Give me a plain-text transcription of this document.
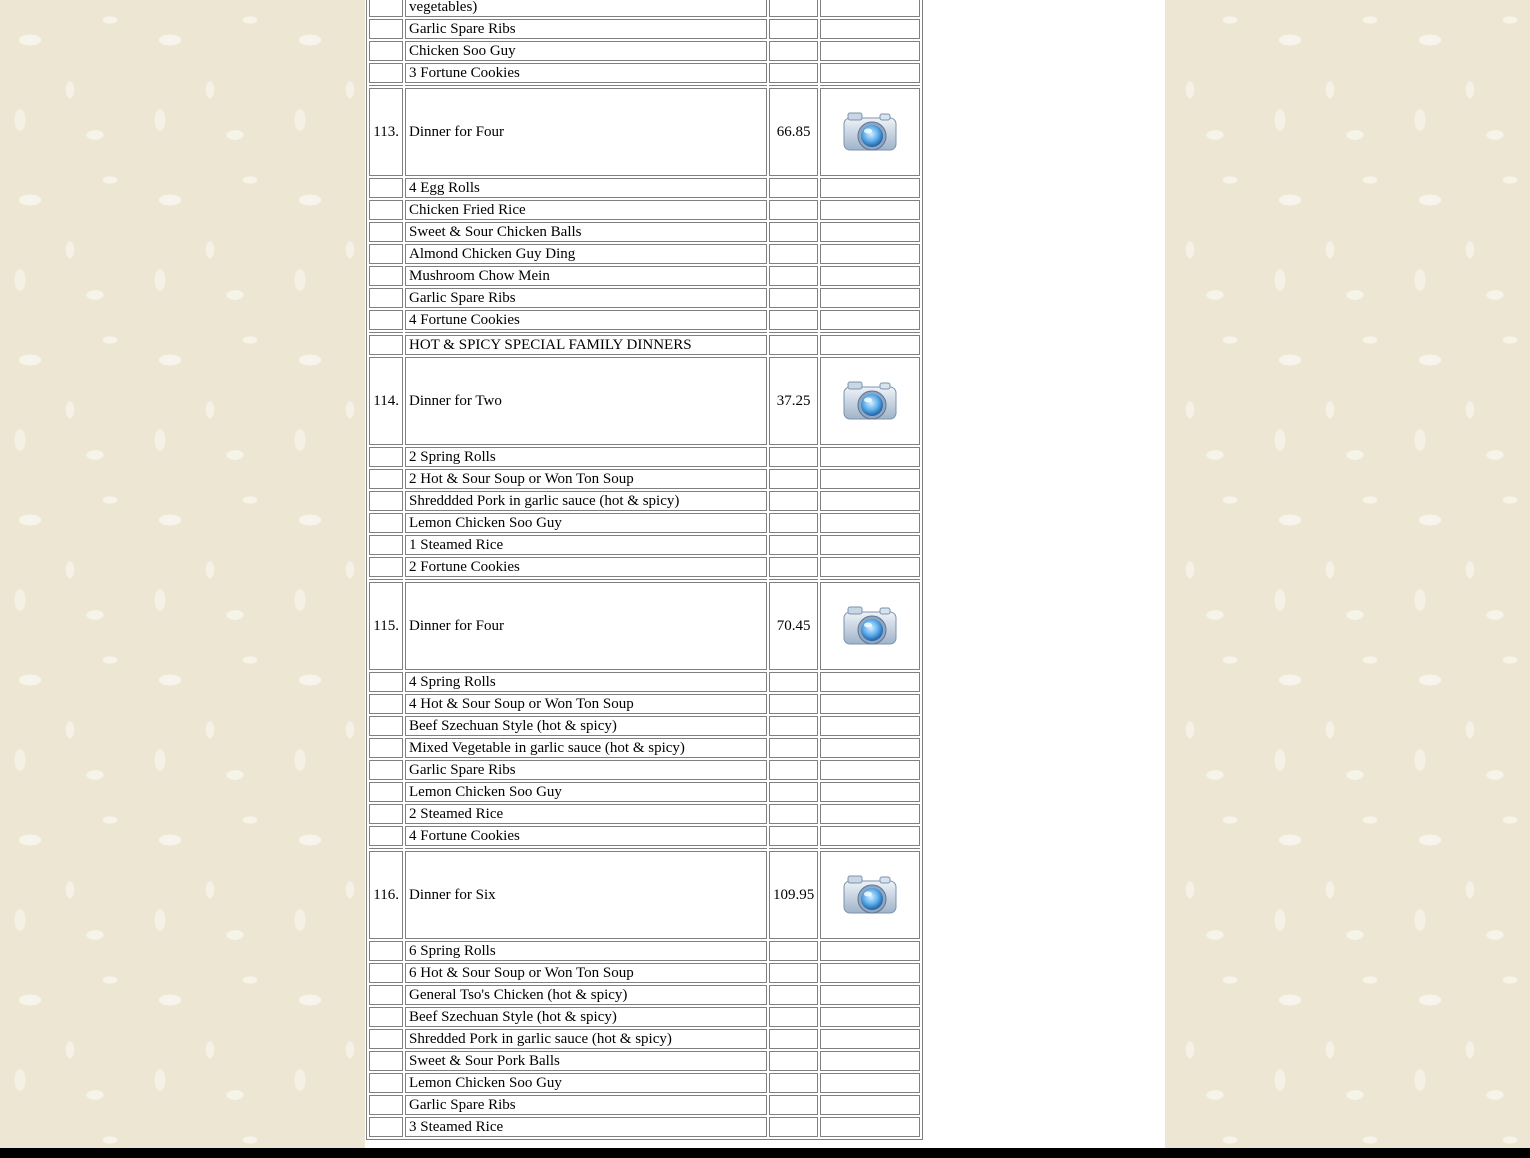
	vegetables)		
	Garlic Spare Ribs		
	Chicken Soo Guy		
	3 Fortune Cookies		

113.	Dinner for Four	66.85	
	4 Egg Rolls		
	Chicken Fried Rice		
	Sweet & Sour Chicken Balls		
	Almond Chicken Guy Ding		
	Mushroom Chow Mein		
	Garlic Spare Ribs		
	4 Fortune Cookies		

	HOT & SPICY SPECIAL FAMILY DINNERS		
114.	Dinner for Two	37.25	
	2 Spring Rolls		
	2 Hot & Sour Soup or Won Ton Soup		
	Shreddded Pork in garlic sauce (hot & spicy)		
	Lemon Chicken Soo Guy		
	1 Steamed Rice		
	2 Fortune Cookies		

115.	Dinner for Four	70.45	
	4 Spring Rolls		
	4 Hot & Sour Soup or Won Ton Soup		
	Beef Szechuan Style (hot & spicy)		
	Mixed Vegetable in garlic sauce (hot & spicy)		
	Garlic Spare Ribs		
	Lemon Chicken Soo Guy		
	2 Steamed Rice		
	4 Fortune Cookies		

116.	Dinner for Six	109.95	
	6 Spring Rolls		
	6 Hot & Sour Soup or Won Ton Soup		
	General Tso's Chicken (hot & spicy)		
	Beef Szechuan Style (hot & spicy)		
	Shredded Pork in garlic sauce (hot & spicy)		
	Sweet & Sour Pork Balls		
	Lemon Chicken Soo Guy		
	Garlic Spare Ribs		
	3 Steamed Rice		
